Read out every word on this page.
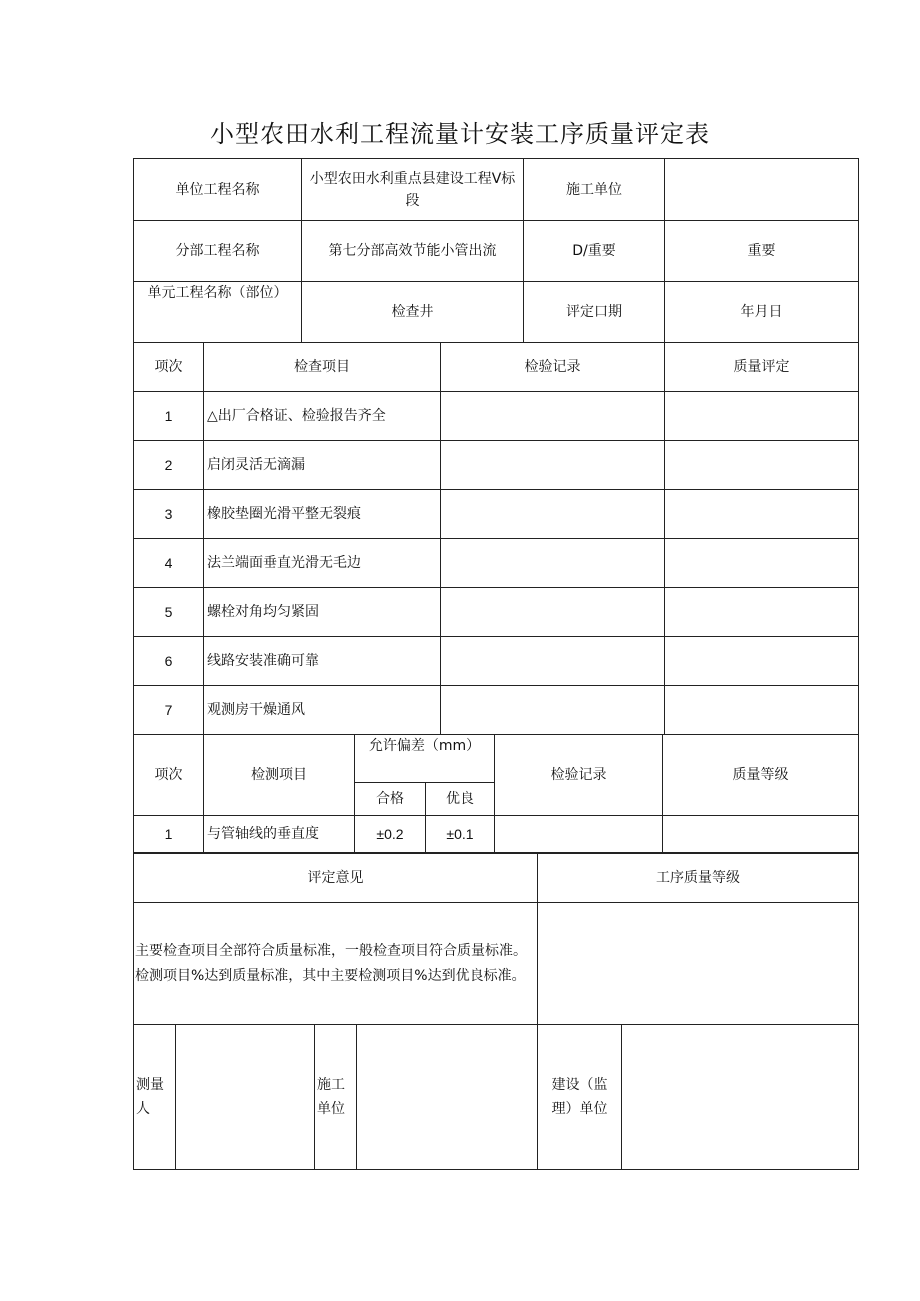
小型农田水利工程流量计安装工序质量评定表
单位工程名称	小型农田水利重点县建设工程Ⅴ标段	施工单位	
分部工程名称	第七分部高效节能小管出流	D/重要	重要
单元工程名称（部位）	检查井	评定口期	年月日
项次	检查项目	检验记录	质量评定
1	△出厂合格证、检验报告齐全		
2	启闭灵活无滴漏		
3	橡胶垫圈光滑平整无裂痕		
4	法兰端面垂直光滑无毛边		
5	螺栓对角均匀紧固		
6	线路安装准确可靠		
7	观测房干燥通风		
项次	检测项目	允许偏差（mm）		检验记录	质量等级
		合格	优良		
1	与管轴线的垂直度	±0.2	±0.1		
评定意见	工序质量等级
主要检查项目全部符合质量标准，一般检查项目符合质量标准。检测项目%达到质量标准，其中主要检测项目%达到优良标准。	
测量人		施工单位		建设（监理）单位	
